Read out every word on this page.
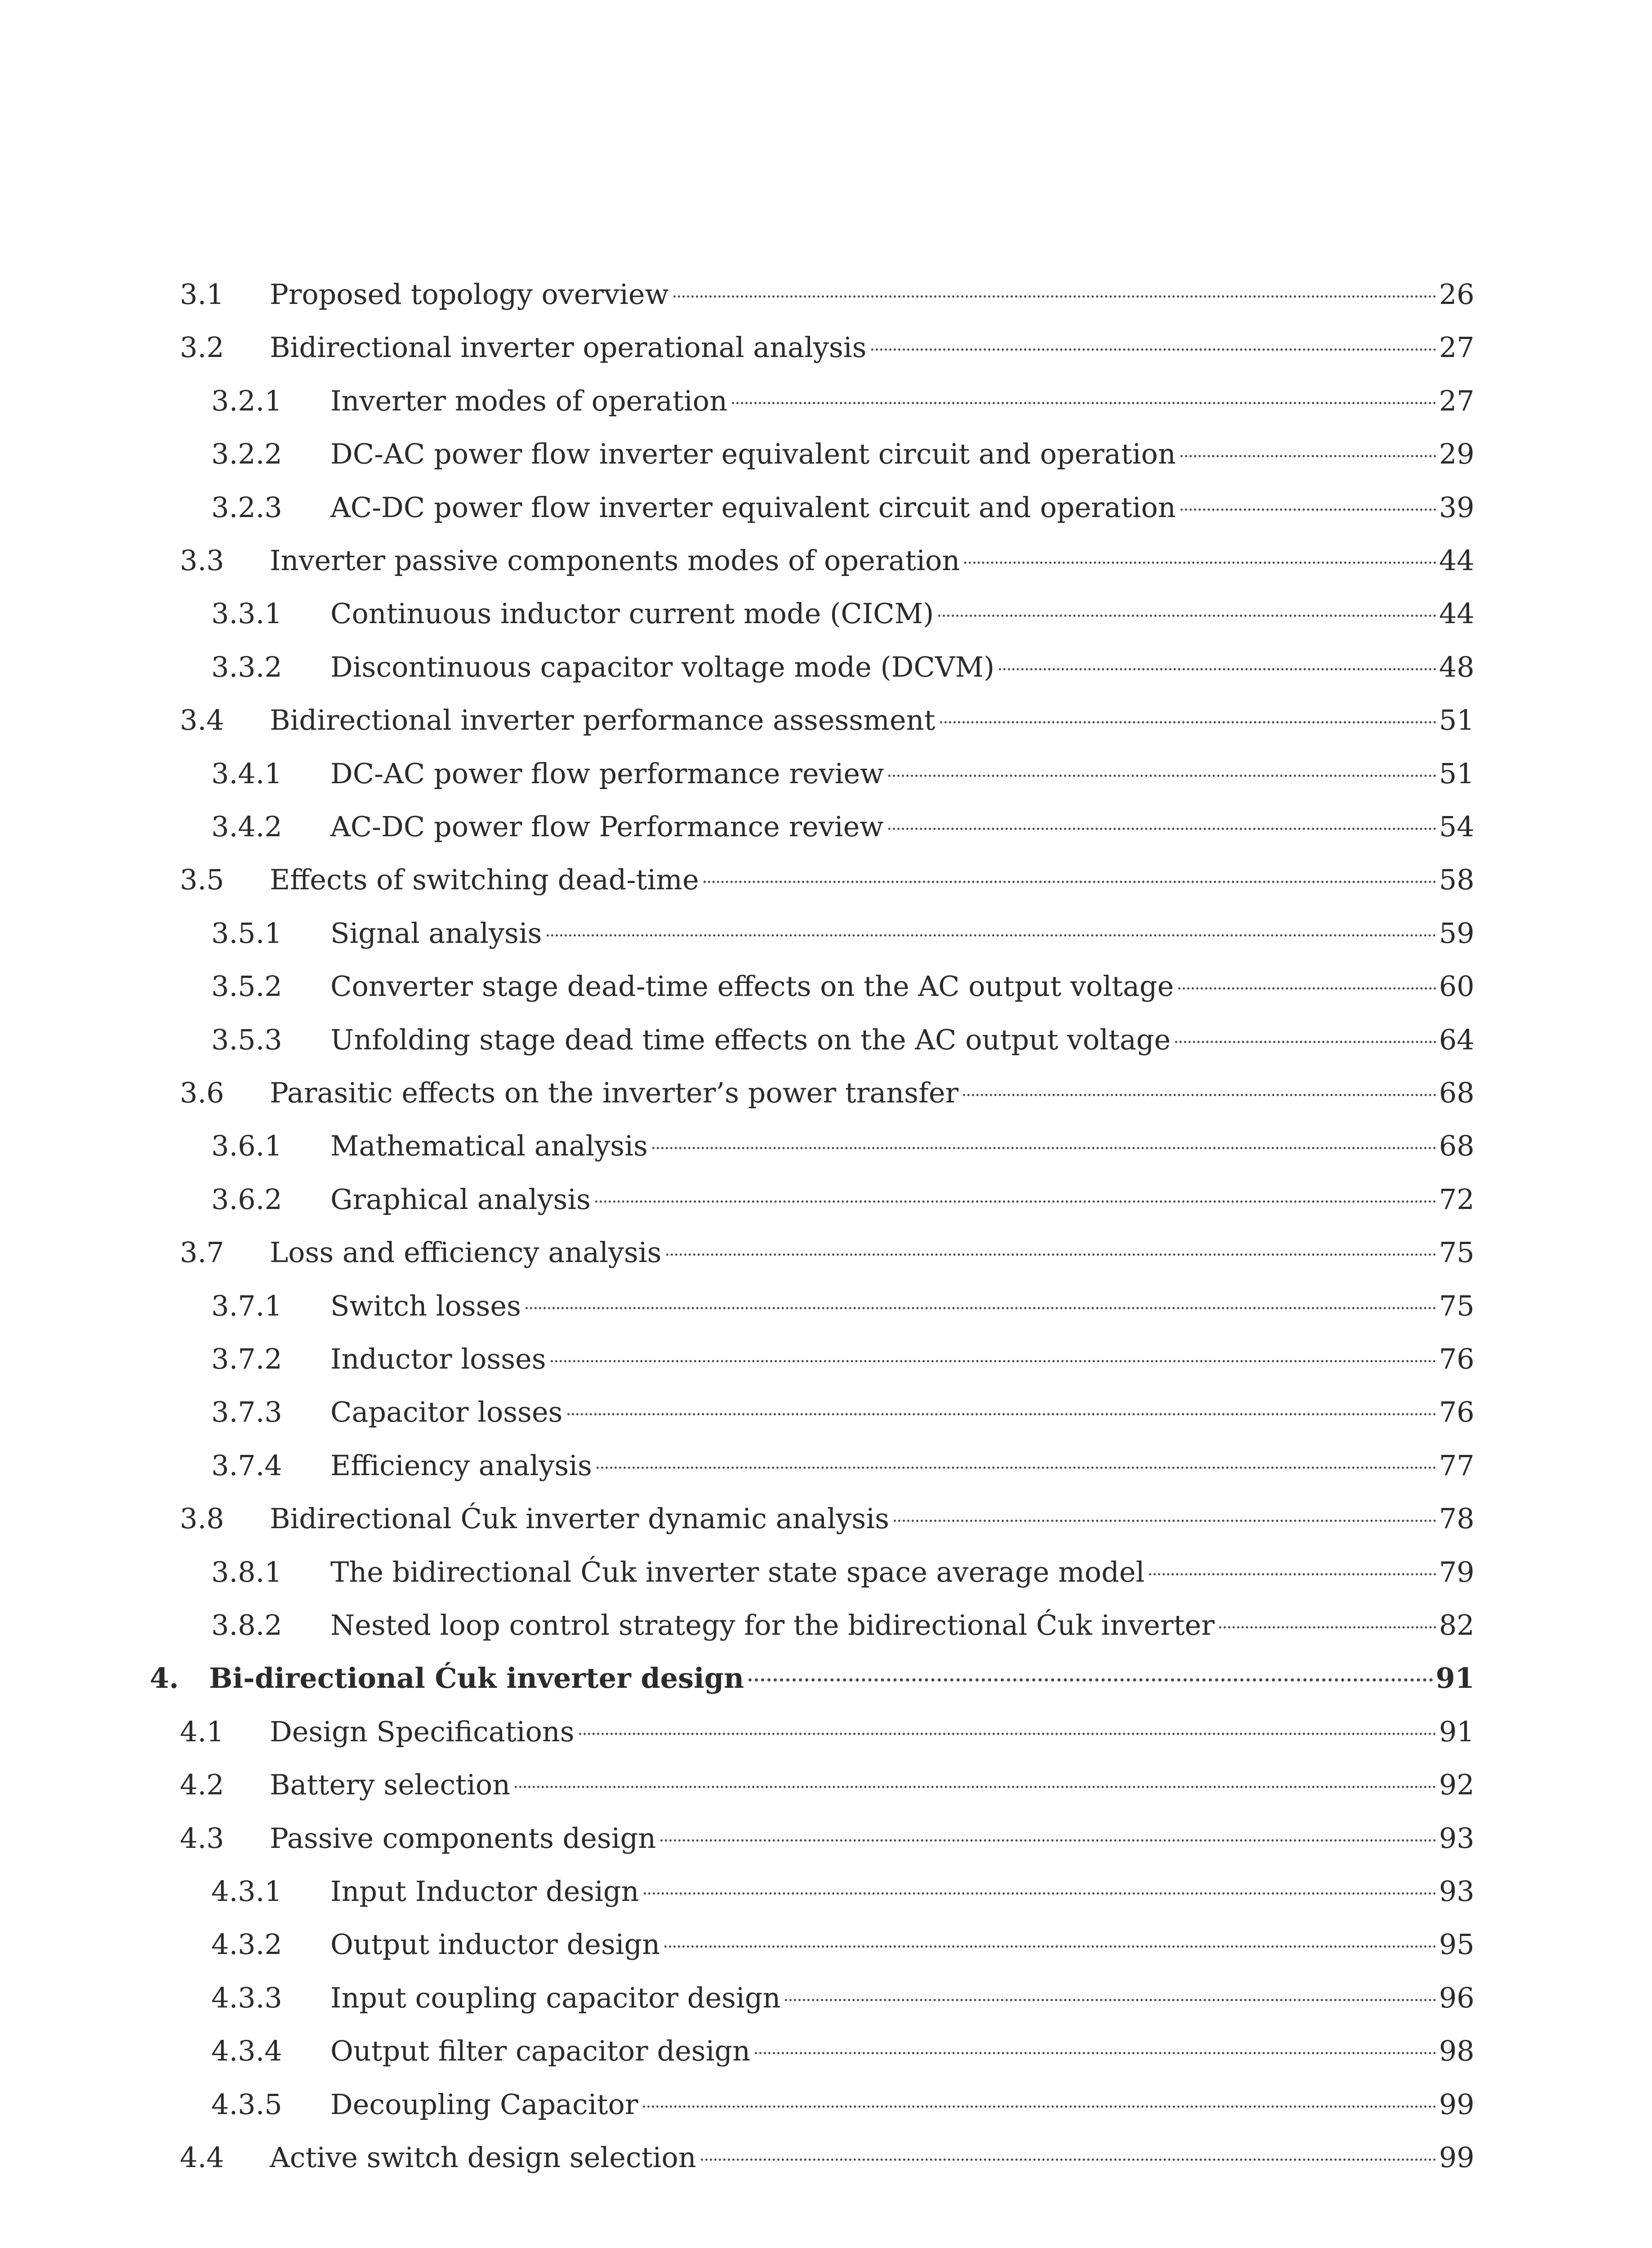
3.1 Proposed topology overview	26
3.2 Bidirectional inverter operational analysis	27
3.2.1 Inverter modes of operation	27
3.2.2 DC-AC power flow inverter equivalent circuit and operation	29
3.2.3 AC-DC power flow inverter equivalent circuit and operation	39
3.3 Inverter passive components modes of operation	44
3.3.1 Continuous inductor current mode (CICM)	44
3.3.2 Discontinuous capacitor voltage mode (DCVM)	48
3.4 Bidirectional inverter performance assessment	51
3.4.1 DC-AC power flow performance review	51
3.4.2 AC-DC power flow Performance review	54
3.5 Effects of switching dead-time	58
3.5.1 Signal analysis	59
3.5.2 Converter stage dead-time effects on the AC output voltage	60
3.5.3 Unfolding stage dead time effects on the AC output voltage	64
3.6 Parasitic effects on the inverter’s power transfer	68
3.6.1 Mathematical analysis	68
3.6.2 Graphical analysis	72
3.7 Loss and efficiency analysis	75
3.7.1 Switch losses	75
3.7.2 Inductor losses	76
3.7.3 Capacitor losses	76
3.7.4 Efficiency analysis	77
3.8 Bidirectional Ćuk inverter dynamic analysis	78
3.8.1 The bidirectional Ćuk inverter state space average model	79
3.8.2 Nested loop control strategy for the bidirectional Ćuk inverter	82
4. Bi-directional Ćuk inverter design	91
4.1 Design Specifications	91
4.2 Battery selection	92
4.3 Passive components design	93
4.3.1 Input Inductor design	93
4.3.2 Output inductor design	95
4.3.3 Input coupling capacitor design	96
4.3.4 Output filter capacitor design	98
4.3.5 Decoupling Capacitor	99
4.4 Active switch design selection	99
